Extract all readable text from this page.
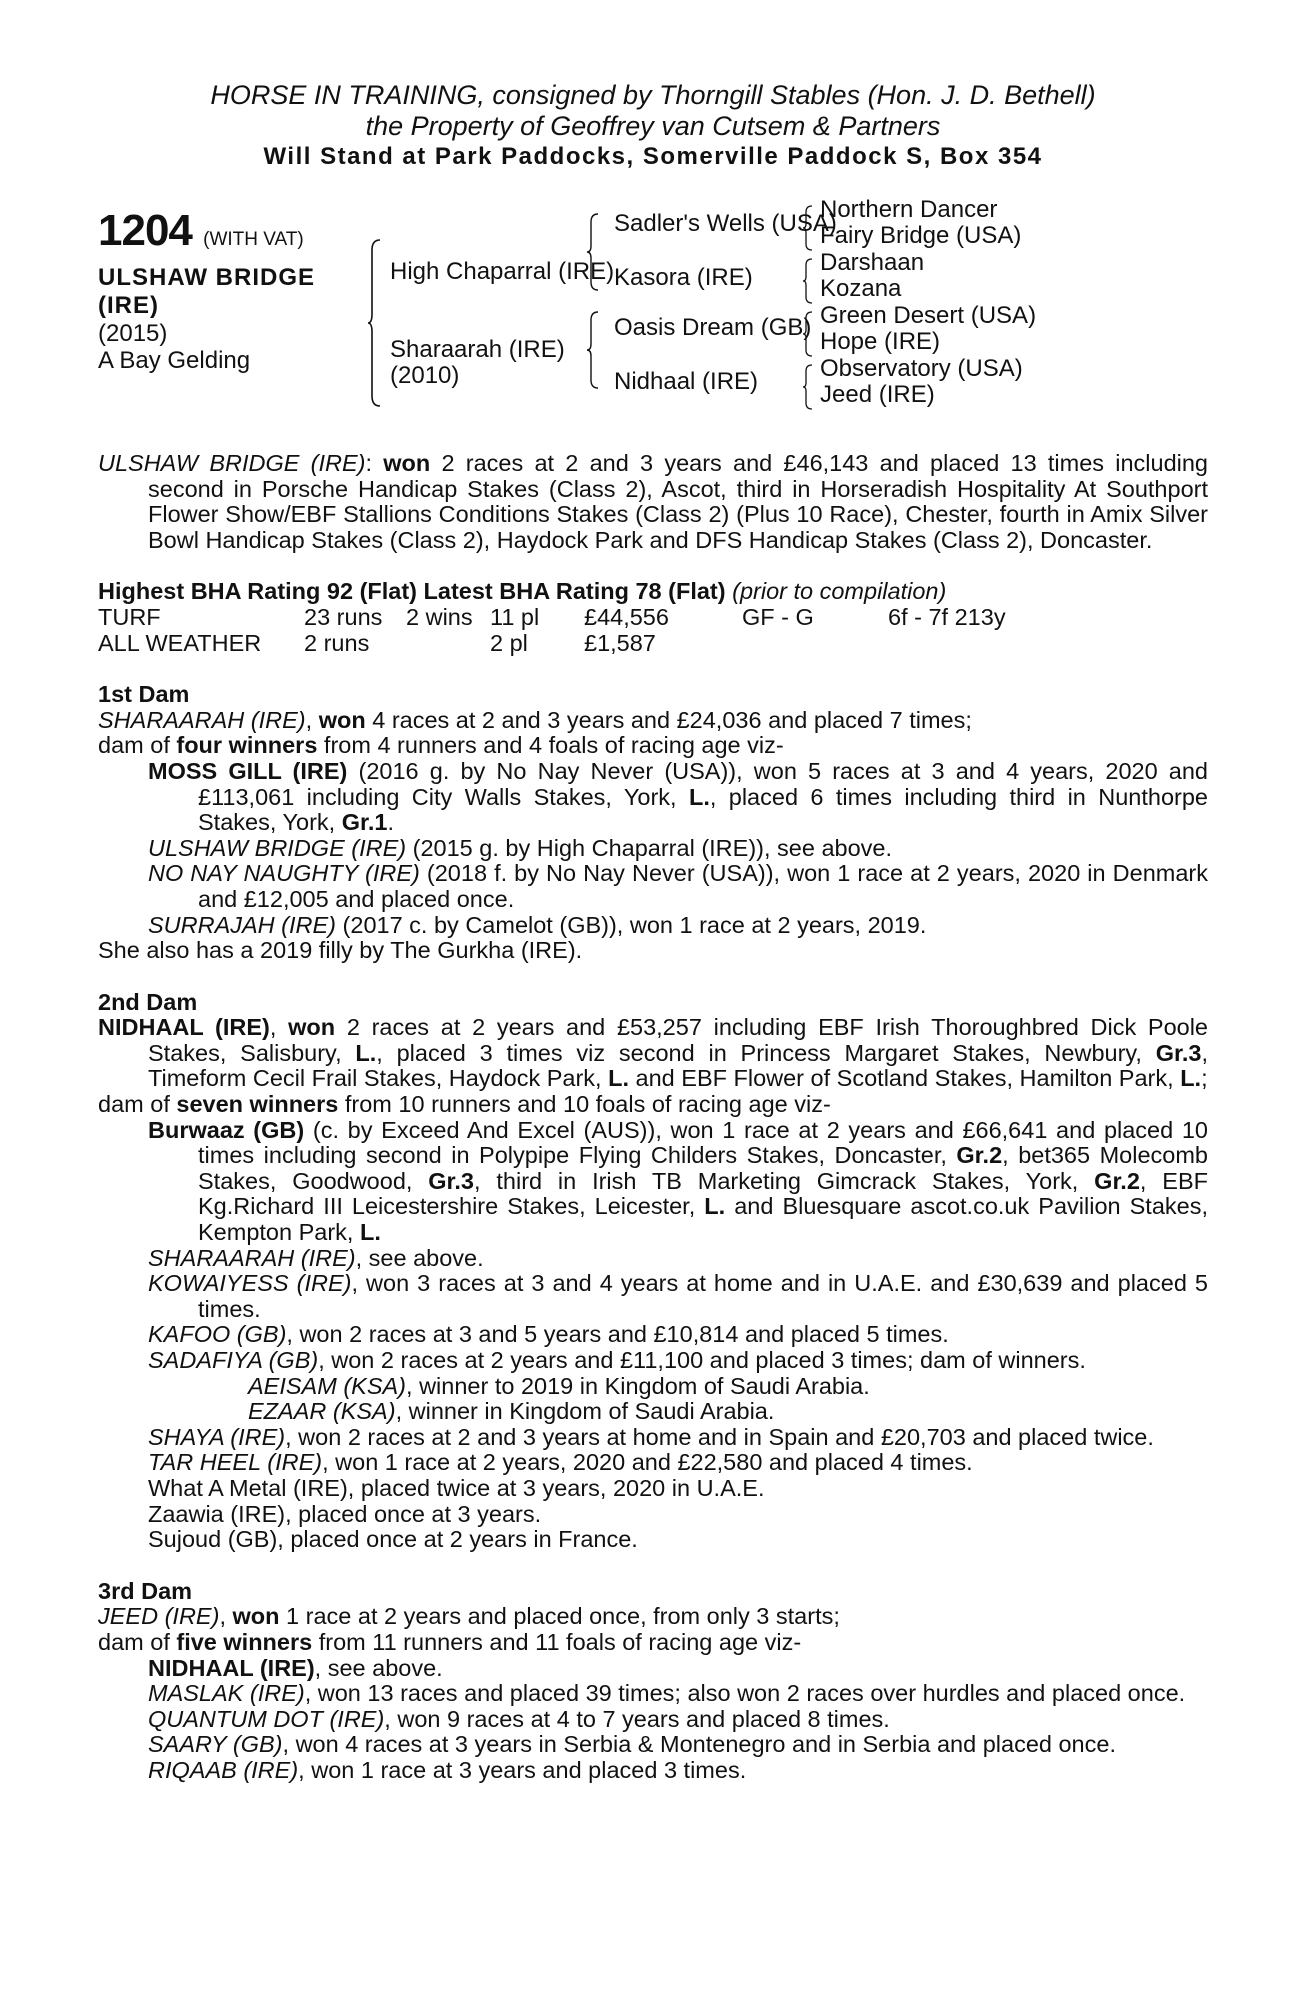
HORSE IN TRAINING, consigned by Thorngill Stables (Hon. J. D. Bethell)
the Property of Geoffrey van Cutsem & Partners
Will Stand at Park Paddocks, Somerville Paddock S, Box 354
1204 (WITH VAT)
ULSHAW BRIDGE
(IRE)
(2015)
A Bay Gelding
High Chaparral (IRE)
Sharaarah (IRE)
(2010)
Sadler's Wells (USA)
Kasora (IRE)
Oasis Dream (GB)
Nidhaal (IRE)
Northern Dancer
Fairy Bridge (USA)
Darshaan
Kozana
Green Desert (USA)
Hope (IRE)
Observatory (USA)
Jeed (IRE)
ULSHAW BRIDGE (IRE): won 2 races at 2 and 3 years and £46,143 and placed 13 times including second in Porsche Handicap Stakes (Class 2), Ascot, third in Horseradish Hospitality At Southport Flower Show/EBF Stallions Conditions Stakes (Class 2) (Plus 10 Race), Chester, fourth in Amix Silver Bowl Handicap Stakes (Class 2), Haydock Park and DFS Handicap Stakes (Class 2), Doncaster.
Highest BHA Rating 92 (Flat) Latest BHA Rating 78 (Flat) (prior to compilation)
TURF	23 runs	2 wins	11 pl	£44,556	GF - G	6f - 7f 213y
ALL WEATHER	2 runs		2 pl	£1,587		
1st Dam
SHARAARAH (IRE), won 4 races at 2 and 3 years and £24,036 and placed 7 times;
dam of four winners from 4 runners and 4 foals of racing age viz-
MOSS GILL (IRE) (2016 g. by No Nay Never (USA)), won 5 races at 3 and 4 years, 2020 and £113,061 including City Walls Stakes, York, L., placed 6 times including third in Nunthorpe Stakes, York, Gr.1.
ULSHAW BRIDGE (IRE) (2015 g. by High Chaparral (IRE)), see above.
NO NAY NAUGHTY (IRE) (2018 f. by No Nay Never (USA)), won 1 race at 2 years, 2020 in Denmark and £12,005 and placed once.
SURRAJAH (IRE) (2017 c. by Camelot (GB)), won 1 race at 2 years, 2019.
She also has a 2019 filly by The Gurkha (IRE).
2nd Dam
NIDHAAL (IRE), won 2 races at 2 years and £53,257 including EBF Irish Thoroughbred Dick Poole Stakes, Salisbury, L., placed 3 times viz second in Princess Margaret Stakes, Newbury, Gr.3, Timeform Cecil Frail Stakes, Haydock Park, L. and EBF Flower of Scotland Stakes, Hamilton Park, L.;
dam of seven winners from 10 runners and 10 foals of racing age viz-
Burwaaz (GB) (c. by Exceed And Excel (AUS)), won 1 race at 2 years and £66,641 and placed 10 times including second in Polypipe Flying Childers Stakes, Doncaster, Gr.2, bet365 Molecomb Stakes, Goodwood, Gr.3, third in Irish TB Marketing Gimcrack Stakes, York, Gr.2, EBF Kg.Richard III Leicestershire Stakes, Leicester, L. and Bluesquare ascot.co.uk Pavilion Stakes, Kempton Park, L.
SHARAARAH (IRE), see above.
KOWAIYESS (IRE), won 3 races at 3 and 4 years at home and in U.A.E. and £30,639 and placed 5 times.
KAFOO (GB), won 2 races at 3 and 5 years and £10,814 and placed 5 times.
SADAFIYA (GB), won 2 races at 2 years and £11,100 and placed 3 times; dam of winners.
AEISAM (KSA), winner to 2019 in Kingdom of Saudi Arabia.
EZAAR (KSA), winner in Kingdom of Saudi Arabia.
SHAYA (IRE), won 2 races at 2 and 3 years at home and in Spain and £20,703 and placed twice.
TAR HEEL (IRE), won 1 race at 2 years, 2020 and £22,580 and placed 4 times.
What A Metal (IRE), placed twice at 3 years, 2020 in U.A.E.
Zaawia (IRE), placed once at 3 years.
Sujoud (GB), placed once at 2 years in France.
3rd Dam
JEED (IRE), won 1 race at 2 years and placed once, from only 3 starts;
dam of five winners from 11 runners and 11 foals of racing age viz-
NIDHAAL (IRE), see above.
MASLAK (IRE), won 13 races and placed 39 times; also won 2 races over hurdles and placed once.
QUANTUM DOT (IRE), won 9 races at 4 to 7 years and placed 8 times.
SAARY (GB), won 4 races at 3 years in Serbia & Montenegro and in Serbia and placed once.
RIQAAB (IRE), won 1 race at 3 years and placed 3 times.
